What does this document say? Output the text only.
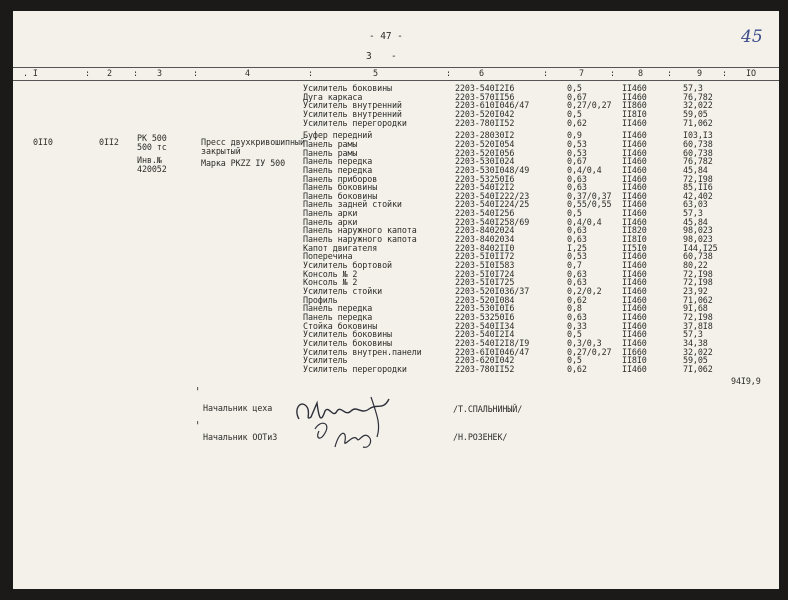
- 47 -
3 -
45
. I	: 2	: 3	:	4	:	5	:	6	:	7	:	8	:	9 : IO
0II0	0II2 PK 500
500 тс
Инв.№
420052
Пресс двухкривошипный
закрытый
Марка PKZZ IУ 500
Усилитель боковины	2203-540I2I6	0,5	II460	57,3
Дуга каркаса	2203-570II56	0,67	II460	76,782
Усилитель внутренний	2203-610I046/47	0,27/0,27 II860	32,022
Усилитель внутренний	2203-520I042	0,5	II8I0	59,05
Усилитель перегородки	2203-780II52	0,62	II460	71,062
Буфер передний	2203-28030I2	0,9	II460	I03,I3
Панель рамы	2203-520I054	0,53	II460	60,738
Панель рамы	2203-520I056	0,53	II460	60,738
Панель передка	2203-530I024	0,67	II460	76,782
Панель передка	2203-530I048/49	0,4/0,4 II460	45,84
Панель приборов	2203-53250I6	0,63	II460	72,I98
Панель боковины	2203-540I2I2	0,63	II460	85,II6
Панель боковины	2203-540I222/23	0,37/0,37 II460	42,402
Панель задней стойки	2203-540I224/25	0,55/0,55 II460	63,03
Панель арки	2203-540I256	0,5	II460	57,3
Панель арки	2203-540I258/69	0,4/0,4 II460	45,84
Панель наружного капота	2203-8402024	0,63	II820	98,023
Панель наружного капота	2203-8402034	0,63	II8I0	98,023
Капот двигателя	2203-8402II0	I,25	II5I0	I44,I25
Поперечина	2203-5I0II72	0,53	II460	60,738
Усилитель бортовой	2203-5I0I583	0,7	II460	80,22
Консоль № 2	2203-5I0I724	0,63	II460	72,I98
Консоль № 2	2203-5I0I725	0,63	II460	72,I98
Усилитель стойки	2203-520I036/37	0,2/0,2 II460	23,92
Профиль	2203-520I084	0,62	II460	71,062
Панель передка	2203-530I0I6	0,8	II460	9I,68
Панель передка	2203-53250I6	0,63	II460	72,I98
Стойка боковины	2203-540II34	0,33	II460	37,8I8
Усилитель боковины	2203-540I2I4	0,5	II460	57,3
Усилитель боковины	2203-540I2I8/I9	0,3/0,3 II460	34,38
Усилитель внутрен.панели	2203-6I0I046/47	0,27/0,27 II660	32,022
Усилитель	2203-620I042	0,5	II8I0	59,05
Усилитель перегородки	2203-780II52	0,62	II460	7I,062
94I9,9
'
Начальник цеха	/Т.СПАЛЬНИНЫЙ/
'
Начальник ООТиЗ	/Н.РОЗЕНЕК/
